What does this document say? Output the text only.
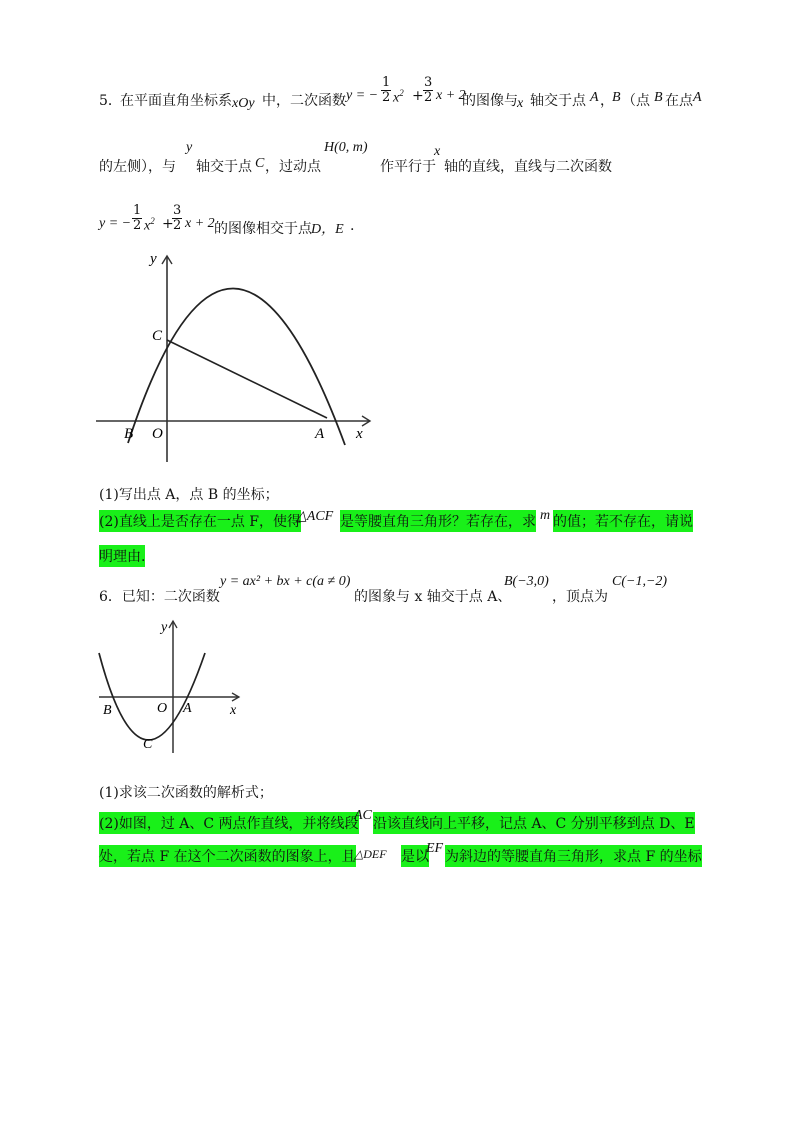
5．
在平面直角坐标系 xOy 中，二次函数 y = − $\frac{1}{2} x^2 + \frac{3}{2}$ x + 2
的图像与 x 轴交于点 A ，
B （点 B 在点 A
的左侧），与
y
轴交于点 C ，过动点
H(0, m)
作平行于
x
轴的直线，直线与二次函数
y = − $\frac{1}{2} x^2$ +
$\frac{3}{2}$ x + 2 的图像相交于点 D，E .
y
x
C
B O	A
(1)写出点 A，点 B 的坐标；
(2)直线上是否存在一点 F，使得
△ACF 是等腰直角三角形？若存在，求 m 的值；若不存在，请说
明理由.
6．已知：二次函数
y = ax² + bx + c(a ≠ 0)
的图象与 x 轴交于点 A、
B(−3,0)
，顶点为
C(−1,−2)
y
x
B	O A
C
(1)求该二次函数的解析式；
(2)如图，过 A、C 两点作直线，并将线段
AC
沿该直线向上平移，记点 A、C 分别平移到点 D、E
处，若点 F 在这个二次函数的图象上，且
△DEF 是以
EF
为斜边的等腰直角三角形，求点 F 的坐标
